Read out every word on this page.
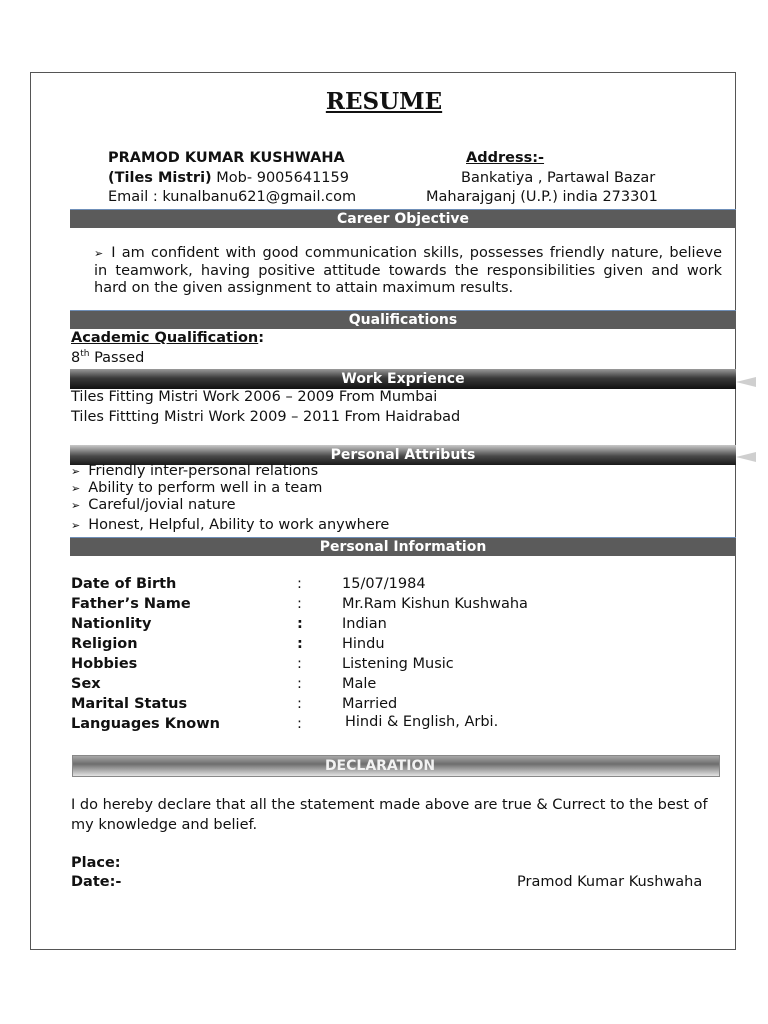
RESUME
PRAMOD KUMAR KUSHWAHA
(Tiles Mistri) Mob- 9005641159
Email : kunalbanu621@gmail.com
Address:-
Bankatiya , Partawal Bazar
Maharajganj (U.P.) india 273301
Career Objective
➢ I am confident with good communication skills, possesses friendly nature, believe in teamwork, having positive attitude towards the responsibilities given and work hard on the given assignment to attain maximum results.
Qualifications
Academic Qualification:
8th Passed
Work Exprience
Tiles Fitting Mistri Work 2006 – 2009 From Mumbai
Tiles Fittting Mistri Work 2009 – 2011 From Haidrabad
Personal Attributs
➢ Friendly inter-personal relations
➢ Ability to perform well in a team
➢ Careful/jovial nature
➢ Honest, Helpful, Ability to work anywhere
Personal Information
Date of Birth	:	15/07/1984
Father’s Name	:	Mr.Ram Kishun Kushwaha
Nationlity	:	Indian
Religion	:	Hindu
Hobbies	:	Listening Music
Sex	:	Male
Marital Status	:	Married
Languages Known	:	Hindi & English, Arbi.
DECLARATION
I do hereby declare that all the statement made above are true & Currect to the best of my knowledge and belief.
Place:
Date:-	Pramod Kumar Kushwaha
